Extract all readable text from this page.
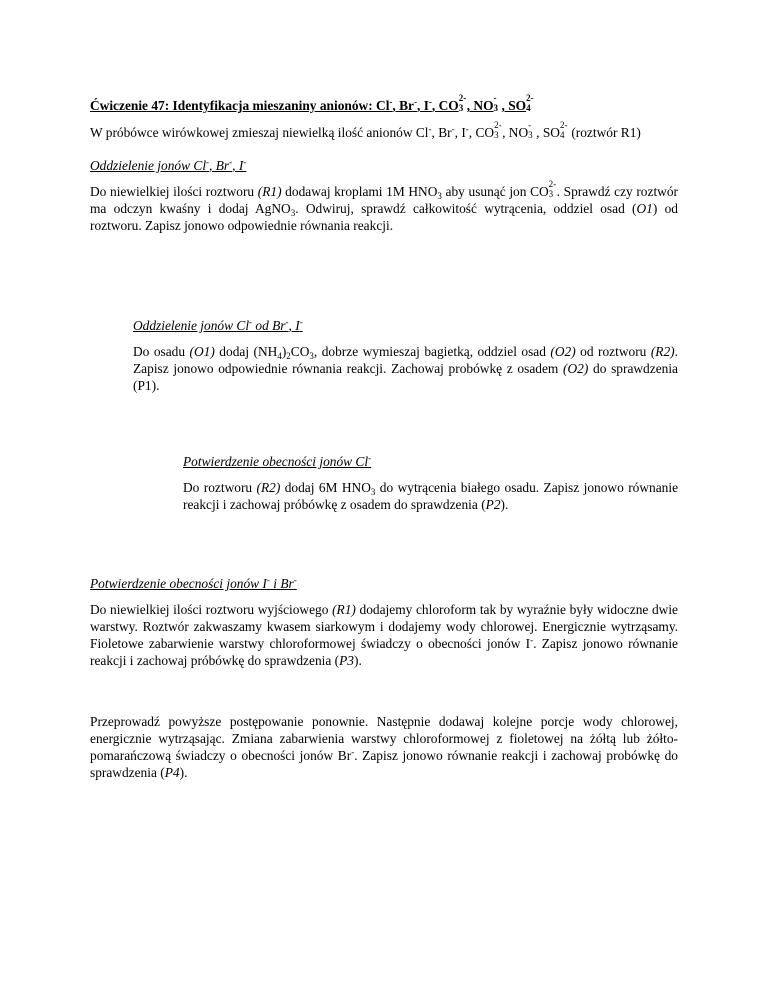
Ćwiczenie 47: Identyfikacja mieszaniny anionów: Cl-, Br-, I-, CO 2-
3 , NO -
3 , SO 2-
4

W próbówce wirówkowej zmieszaj niewielką ilość anionów Cl-, Br-, I-, CO 2-
3 , NO -
3 , SO 2-
4 (roztwór R1)

Oddzielenie jonów Cl-, Br-, I-

Do niewielkiej ilości roztworu (R1) dodawaj kroplami 1M $HNO_3$ aby usunąć jon CO 2-
3 . Sprawdź czy roztwór ma odczyn kwaśny i dodaj AgNO$_3$. Odwiruj, sprawdź całkowitość wytrącenia, oddziel osad (O1) od roztworu. Zapisz jonowo odpowiednie równania reakcji.

Oddzielenie jonów Cl- od Br-, I-

Do osadu (O1) dodaj $(NH_4)_2CO_3$, dobrze wymieszaj bagietką, oddziel osad (O2) od roztworu (R2). Zapisz jonowo odpowiednie równania reakcji. Zachowaj probówkę z osadem (O2) do sprawdzenia (P1).

Potwierdzenie obecności jonów Cl-

Do roztworu (R2) dodaj 6M $HNO_3$ do wytrącenia białego osadu. Zapisz jonowo równanie reakcji i zachowaj próbówkę z osadem do sprawdzenia (P2).

Potwierdzenie obecności jonów I- i Br-

Do niewielkiej ilości roztworu wyjściowego (R1) dodajemy chloroform tak by wyraźnie były widoczne dwie warstwy. Roztwór zakwaszamy kwasem siarkowym i dodajemy wody chlorowej. Energicznie wytrząsamy. Fioletowe zabarwienie warstwy chloroformowej świadczy o obecności jonów I-. Zapisz jonowo równanie reakcji i zachowaj próbówkę do sprawdzenia (P3).

Przeprowadź powyższe postępowanie ponownie. Następnie dodawaj kolejne porcje wody chlorowej, energicznie wytrząsając. Zmiana zabarwienia warstwy chloroformowej z fioletowej na żółtą lub żółto-pomarańczową świadczy o obecności jonów Br-. Zapisz jonowo równanie reakcji i zachowaj probówkę do sprawdzenia (P4).
